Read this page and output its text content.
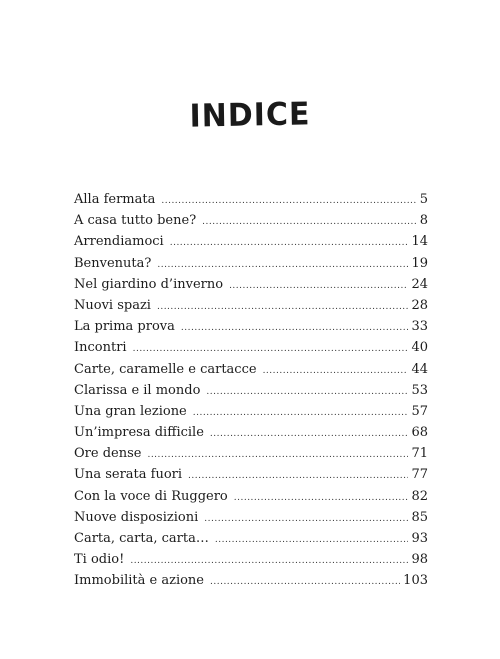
INDICE
Alla fermata .....	5
A casa tutto bene? .....	8
Arrendiamoci .....	14
Benvenuta? .....	19
Nel giardino d’inverno .....	24
Nuovi spazi .....	28
La prima prova .....	33
Incontri .....	40
Carte, caramelle e cartacce .....	44
Clarissa e il mondo .....	53
Una gran lezione .....	57
Un’impresa difficile .....	68
Ore dense .....	71
Una serata fuori .....	77
Con la voce di Ruggero .....	82
Nuove disposizioni .....	85
Carta, carta, carta… .....	93
Ti odio! .....	98
Immobilità e azione .....	103
